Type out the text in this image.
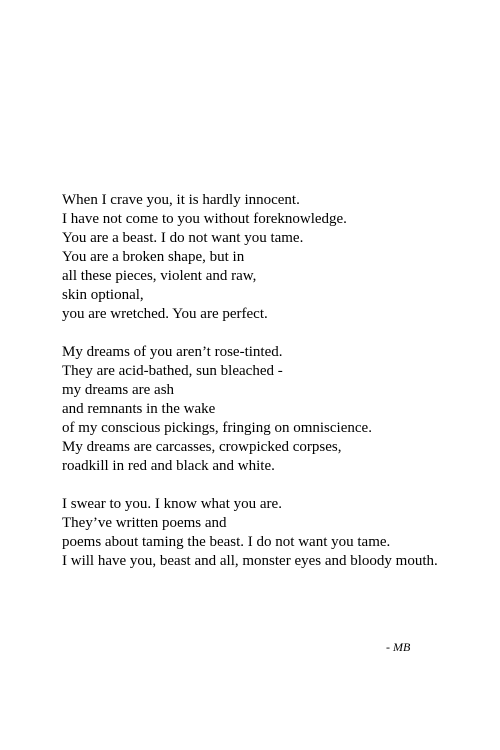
When I crave you, it is hardly innocent.
I have not come to you without foreknowledge.
You are a beast. I do not want you tame.
You are a broken shape, but in
all these pieces, violent and raw,
skin optional,
you are wretched. You are perfect.
My dreams of you aren’t rose-tinted.
They are acid-bathed, sun bleached -
my dreams are ash
and remnants in the wake
of my conscious pickings, fringing on omniscience.
My dreams are carcasses, crowpicked corpses,
roadkill in red and black and white.
I swear to you. I know what you are.
They’ve written poems and
poems about taming the beast. I do not want you tame.
I will have you, beast and all, monster eyes and bloody mouth.
- MB
